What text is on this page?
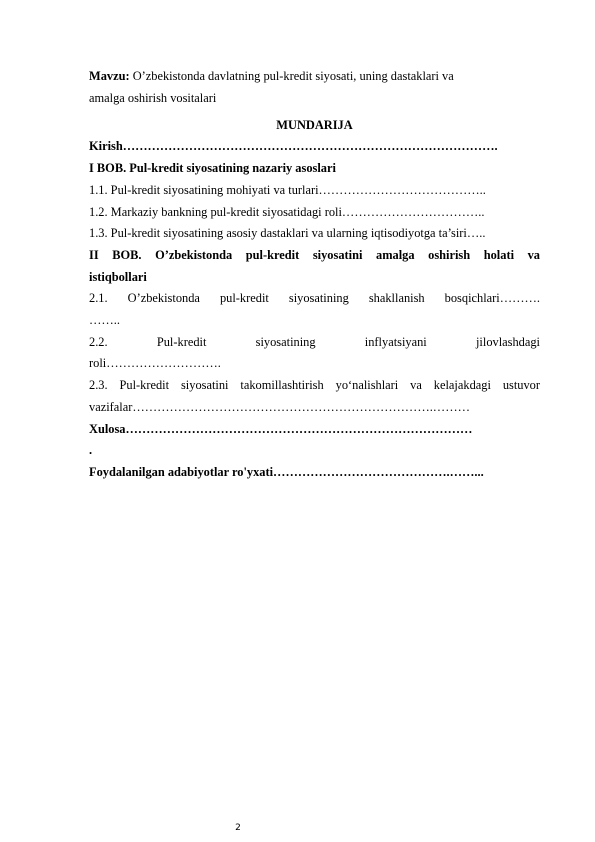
Mavzu: O’zbekistonda davlatning pul-kredit siyosati, uning dastaklari va
amalga oshirish vositalari
MUNDARIJA
Kirish……………………………………………………………………………….
I BOB. Pul-kredit siyosatining nazariy asoslari
1.1. Pul-kredit siyosatining mohiyati va turlari…………………………………..
1.2. Markaziy bankning pul-kredit siyosatidagi roli……………………………..
1.3. Pul-kredit siyosatining asosiy dastaklari va ularning iqtisodiyotga ta’siri…..
II BOB. O’zbekistonda pul-kredit siyosatini amalga oshirish holati va
istiqbollari
2.1. O’zbekistonda pul-kredit siyosatining shakllanish bosqichlari……….
……..
2.2. Pul-kredit siyosatining inflyatsiyani jilovlashdagi
roli……………………….
2.3. Pul-kredit siyosatini takomillashtirish yo‘nalishlari va kelajakdagi ustuvor
vazifalar……………………………………………………………….………
Xulosa…………………………………………………………………………
.
Foydalanilgan adabiyotlar ro'yxati…………………………………….……...
2
